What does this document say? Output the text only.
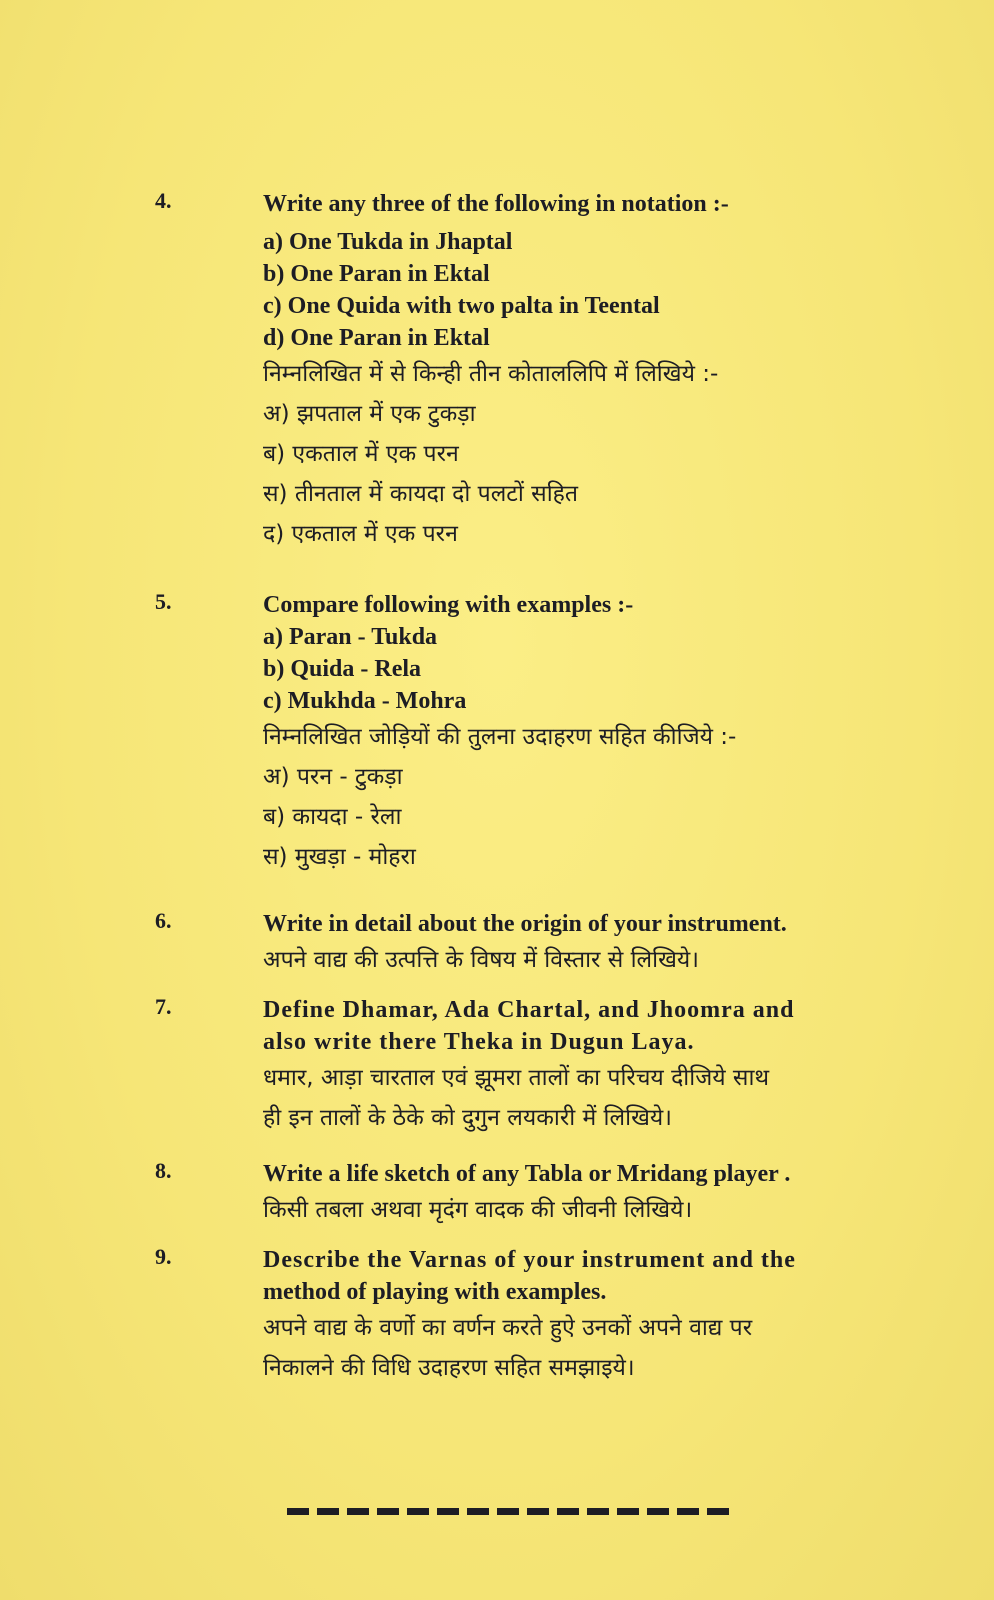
4.	Write any three of the following in notation :-

a) One Tukda in Jhaptal

b) One Paran in Ektal

c) One Quida with two palta in Teental

d) One Paran in Ektal

निम्नलिखित में से किन्ही तीन कोताललिपि में लिखिये :-

अ) झपताल में एक टुकड़ा

ब) एकताल में एक परन

स) तीनताल में कायदा दो पलटों सहित

द) एकताल में एक परन

5.	Compare following with examples :-

a) Paran - Tukda

b) Quida - Rela

c) Mukhda - Mohra

निम्नलिखित जोड़ियों की तुलना उदाहरण सहित कीजिये :-

अ) परन - टुकड़ा

ब) कायदा - रेला

स) मुखड़ा - मोहरा

6.	Write in detail about the origin of your instrument.

अपने वाद्य की उत्पत्ति के विषय में विस्तार से लिखिये।

7.	Define Dhamar, Ada Chartal, and Jhoomra and

also write there Theka in Dugun Laya.

धमार, आड़ा चारताल एवं झूमरा तालों का परिचय दीजिये साथ

ही इन तालों के ठेके को दुगुन लयकारी में लिखिये।

8.	Write a life sketch of any Tabla or Mridang player .

किसी तबला अथवा मृदंग वादक की जीवनी लिखिये।

9.	Describe the Varnas of your instrument and the

method of playing with examples.

अपने वाद्य के वर्णो का वर्णन करते हुऐ उनकों अपने वाद्य पर

निकालने की विधि उदाहरण सहित समझाइये।
